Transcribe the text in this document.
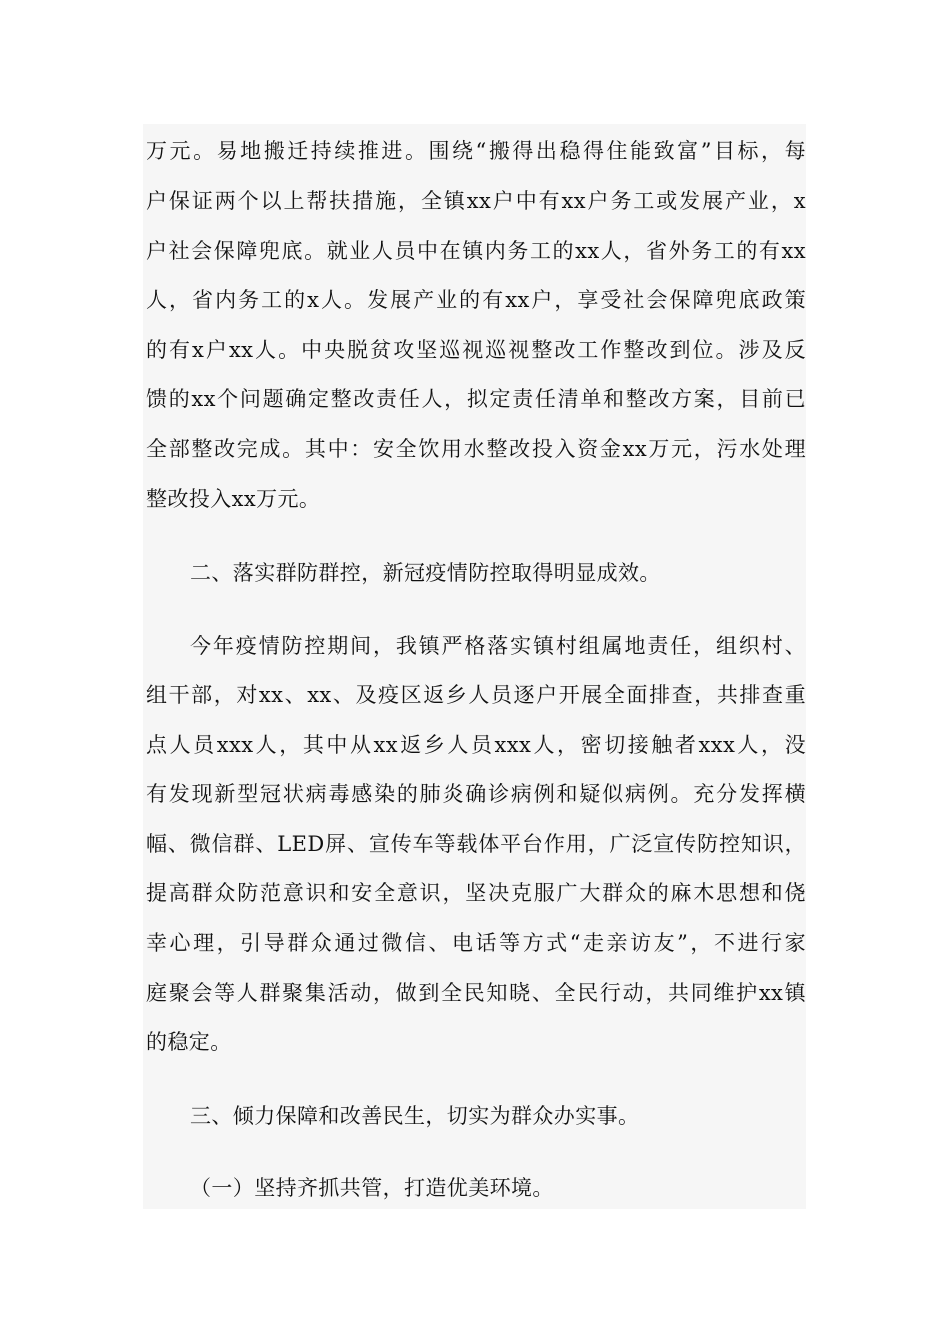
万元。易地搬迁持续推进。围绕“搬得出稳得住能致富”目标，每
户保证两个以上帮扶措施，全镇xx户中有xx户务工或发展产业，x
户社会保障兜底。就业人员中在镇内务工的xx人，省外务工的有xx
人，省内务工的x人。发展产业的有xx户，享受社会保障兜底政策
的有x户xx人。中央脱贫攻坚巡视巡视整改工作整改到位。涉及反
馈的xx个问题确定整改责任人，拟定责任清单和整改方案，目前已
全部整改完成。其中：安全饮用水整改投入资金xx万元，污水处理
整改投入xx万元。
二、落实群防群控，新冠疫情防控取得明显成效。
今年疫情防控期间，我镇严格落实镇村组属地责任，组织村、
组干部，对xx、xx、及疫区返乡人员逐户开展全面排查，共排查重
点人员xxx人，其中从xx返乡人员xxx人，密切接触者xxx人，没
有发现新型冠状病毒感染的肺炎确诊病例和疑似病例。充分发挥横
幅、微信群、LED屏、宣传车等载体平台作用，广泛宣传防控知识，
提高群众防范意识和安全意识，坚决克服广大群众的麻木思想和侥
幸心理，引导群众通过微信、电话等方式“走亲访友”，不进行家
庭聚会等人群聚集活动，做到全民知晓、全民行动，共同维护xx镇
的稳定。
三、倾力保障和改善民生，切实为群众办实事。
（一）坚持齐抓共管，打造优美环境。
